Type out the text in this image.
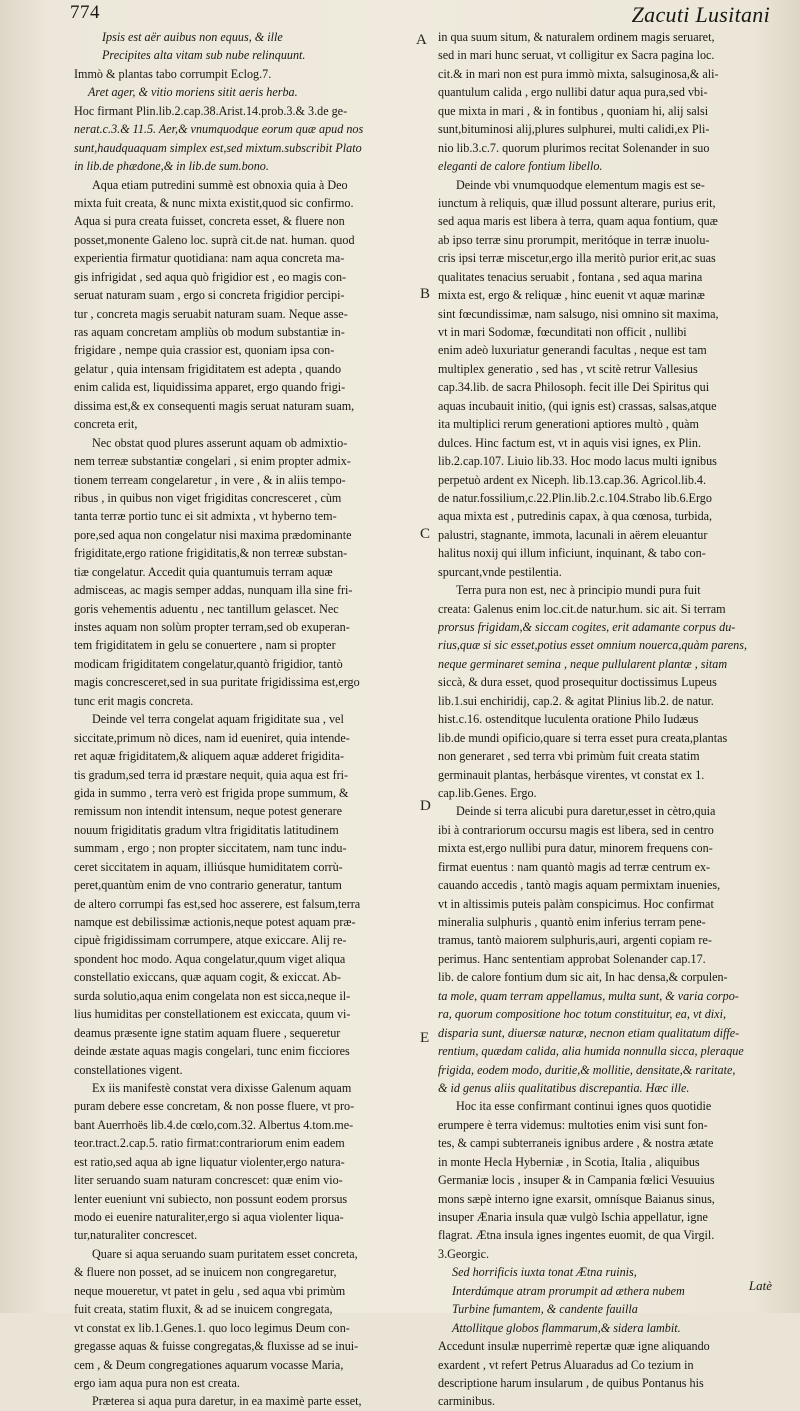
774	Zacuti Lusitani
Ipsis est aër auibus non equus, & ille
Precipites alta vitam sub nube relinquunt.
Immò & plantas tabo corrumpit Eclog.7.
Aret ager, & vitio moriens sitit aeris herba.
Hoc firmant Plin.lib.2.cap.38.Arist.14.prob.3.& 3.de ge-
nerat.c.3.& 11.5. Aer,& vnumquodque eorum quæ apud nos
sunt,haudquaquam simplex est,sed mixtum.subscribit Plato
in lib.de phædone,& in lib.de sum.bono.
Aqua etiam putredini summè est obnoxia quia à Deo
mixta fuit creata, & nunc mixta existit,quod sic confirmo.
Aqua si pura creata fuisset, concreta esset, & fluere non
posset,monente Galeno loc. suprà cit.de nat. human. quod
experientia firmatur quotidiana: nam aqua concreta ma-
gis infrigidat , sed aqua quò frigidior est , eo magis con-
seruat naturam suam , ergo si concreta frigidior percipi-
tur , concreta magis seruabit naturam suam. Neque asse-
ras aquam concretam ampliùs ob modum substantiæ in-
frigidare , nempe quia crassior est, quoniam ipsa con-
gelatur , quia intensam frigiditatem est adepta , quando
enim calida est, liquidissima apparet, ergo quando frigi-
dissima est,& ex consequenti magis seruat naturam suam,
concreta erit,
Nec obstat quod plures asserunt aquam ob admixtio-
nem terreæ substantiæ congelari , si enim propter admix-
tionem terream congelaretur , in vere , & in aliis tempo-
ribus , in quibus non viget frigiditas concresceret , cùm
tanta terræ portio tunc ei sit admixta , vt hyberno tem-
pore,sed aqua non congelatur nisi maxima prædominante
frigiditate,ergo ratione frigiditatis,& non terreæ substan-
tiæ congelatur. Accedit quia quantumuis terram aquæ
admisceas, ac magis semper addas, nunquam illa sine fri-
goris vehementis aduentu , nec tantillum gelascet. Nec
instes aquam non solùm propter terram,sed ob exuperan-
tem frigiditatem in gelu se conuertere , nam si propter
modicam frigiditatem congelatur,quantò frigidior, tantò
magis concresceret,sed in sua puritate frigidissima est,ergo
tunc erit magis concreta.
Deinde vel terra congelat aquam frigiditate sua , vel
siccitate,primum nò dices, nam id eueniret, quia intende-
ret aquæ frigiditatem,& aliquem aquæ adderet frigidita-
tis gradum,sed terra id præstare nequit, quia aqua est fri-
gida in summo , terra verò est frigida prope summum, &
remissum non intendit intensum, neque potest generare
nouum frigiditatis gradum vltra frigiditatis latitudinem
summam , ergo ; non propter siccitatem, nam tunc indu-
ceret siccitatem in aquam, illiúsque humiditatem corrù-
peret,quantùm enim de vno contrario generatur, tantum
de altero corrumpi fas est,sed hoc asserere, est falsum,terra
namque est debilissimæ actionis,neque potest aquam præ-
cipuè frigidissimam corrumpere, atque exiccare. Alij re-
spondent hoc modo. Aqua congelatur,quum viget aliqua
constellatio exiccans, quæ aquam cogit, & exiccat. Ab-
surda solutio,aqua enim congelata non est sicca,neque il-
lius humiditas per constellationem est exiccata, quum vi-
deamus præsente igne statim aquam fluere , sequeretur
deinde æstate aquas magis congelari, tunc enim ficciores
constellationes vigent.
Ex iis manifestè constat vera dixisse Galenum aquam
puram debere esse concretam, & non posse fluere, vt pro-
bant Auerrhoës lib.4.de cœlo,com.32. Albertus 4.tom.me-
teor.tract.2.cap.5. ratio firmat:contrariorum enim eadem
est ratio,sed aqua ab igne liquatur violenter,ergo natura-
liter seruando suam naturam concrescet: quæ enim vio-
lenter eueniunt vni subiecto, non possunt eodem prorsus
modo ei euenire naturaliter,ergo si aqua violenter liqua-
tur,naturaliter concrescet.
Quare si aqua seruando suam puritatem esset concreta,
& fluere non posset, ad se inuicem non congregaretur,
neque moueretur, vt patet in gelu , sed aqua vbi primùm
fuit creata, statim fluxit, & ad se inuicem congregata,
vt constat ex lib.1.Genes.1. quo loco legimus Deum con-
gregasse aquas & fuisse congregatas,& fluxisse ad se inui-
cem , & Deum congregationes aquarum vocasse Maria,
ergo iam aqua pura non est creata.
Præterea si aqua pura daretur, in ea maximè parte esset,
in qua suum situm, & naturalem ordinem magis seruaret,
sed in mari hunc seruat, vt colligitur ex Sacra pagina loc.
cit.& in mari non est pura immò mixta, salsuginosa,& ali-
quantulum calida , ergo nullibi datur aqua pura,sed vbi-
que mixta in mari , & in fontibus , quoniam hi, alij salsi
sunt,bituminosi alij,plures sulphurei, multi calidi,ex Pli-
nio lib.3.c.7. quorum plurimos recitat Solenander in suo
eleganti de calore fontium libello.
Deinde vbi vnumquodque elementum magis est se-
iunctum à reliquis, quæ illud possunt alterare, purius erit,
sed aqua maris est libera à terra, quam aqua fontium, quæ
ab ipso terræ sinu prorumpit, meritóque in terræ inuolu-
cris ipsi terræ miscetur,ergo illa meritò purior erit,ac suas
qualitates tenacius seruabit , fontana , sed aqua marina
mixta est, ergo & reliquæ , hinc euenit vt aquæ marinæ
sint fœcundissimæ, nam salsugo, nisi omnino sit maxima,
vt in mari Sodomæ, fœcunditati non officit , nullibi
enim adeò luxuriatur generandi facultas , neque est tam
multiplex generatio , sed has , vt scitè retrur Vallesius
cap.34.lib. de sacra Philosoph. fecit ille Dei Spiritus qui
aquas incubauit initio, (qui ignis est) crassas, salsas,atque
ita multiplici rerum generationi aptiores multò , quàm
dulces. Hinc factum est, vt in aquis visi ignes, ex Plin.
lib.2.cap.107. Liuio lib.33. Hoc modo lacus multi ignibus
perpetuò ardent ex Niceph. lib.13.cap.36. Agricol.lib.4.
de natur.fossilium,c.22.Plin.lib.2.c.104.Strabo lib.6.Ergo
aqua mixta est , putredinis capax, à qua cœnosa, turbida,
palustri, stagnante, immota, lacunali in aërem eleuantur
halitus noxij qui illum inficiunt, inquinant, & tabo con-
spurcant,vnde pestilentia.
Terra pura non est, nec à principio mundi pura fuit
creata: Galenus enim loc.cit.de natur.hum. sic ait. Si terram
prorsus frigidam,& siccam cogites, erit adamante corpus du-
rius,quæ si sic esset,potius esset omnium nouerca,quàm parens,
neque germinaret semina , neque pullularent plantæ , sitam
siccà, & dura esset, quod prosequitur doctissimus Lupeus
lib.1.sui enchiridij, cap.2. & agitat Plinius lib.2. de natur.
hist.c.16. ostenditque luculenta oratione Philo Iudæus
lib.de mundi opificio,quare si terra esset pura creata,plantas
non generaret , sed terra vbi primùm fuit creata statim
germinauit plantas, herbásque virentes, vt constat ex 1.
cap.lib.Genes. Ergo.
Deinde si terra alicubi pura daretur,esset in cètro,quia
ibi à contrariorum occursu magis est libera, sed in centro
mixta est,ergo nullibi pura datur, minorem frequens con-
firmat euentus : nam quantò magis ad terræ centrum ex-
cauando accedis , tantò magis aquam permixtam inuenies,
vt in altissimis puteis palàm conspicimus. Hoc confirmat
mineralia sulphuris , quantò enim inferius terram pene-
tramus, tantò maiorem sulphuris,auri, argenti copiam re-
perimus. Hanc sententiam approbat Solenander cap.17.
lib. de calore fontium dum sic ait, In hac densa,& corpulen-
ta mole, quam terram appellamus, multa sunt, & varia corpo-
ra, quorum compositione hoc totum constituitur, ea, vt dixi,
disparia sunt, diuersæ naturæ, necnon etiam qualitatum diffe-
rentium, quædam calida, alia humida nonnulla sicca, pleraque
frigida, eodem modo, duritie,& mollitie, densitate,& raritate,
& id genus aliis qualitatibus discrepantia. Hæc ille.
Hoc ita esse confirmant continui ignes quos quotidie
erumpere è terra videmus: multoties enim visi sunt fon-
tes, & campi subterraneis ignibus ardere , & nostra ætate
in monte Hecla Hyberniæ , in Scotia, Italia , aliquibus
Germaniæ locis , insuper & in Campania fœlici Vesuuius
mons sæpè interno igne exarsit, omnísque Baianus sinus,
insuper Ænaria insula quæ vulgò Ischia appellatur, igne
flagrat. Ætna insula ignes ingentes euomit, de qua Virgil.
3.Georgic.
Sed horrificis iuxta tonat Ætna ruinis,
Interdúmque atram prorumpit ad æthera nubem
Turbine fumantem, & candente fauilla
Attollitque globos flammarum,& sidera lambit.
Accedunt insulæ nuperrimè repertæ quæ igne aliquando
exardent , vt refert Petrus Aluaradus ad Co tezium in
descriptione harum insularum , de quibus Pontanus his
carminibus.
A
B
C
D
E
Latè
